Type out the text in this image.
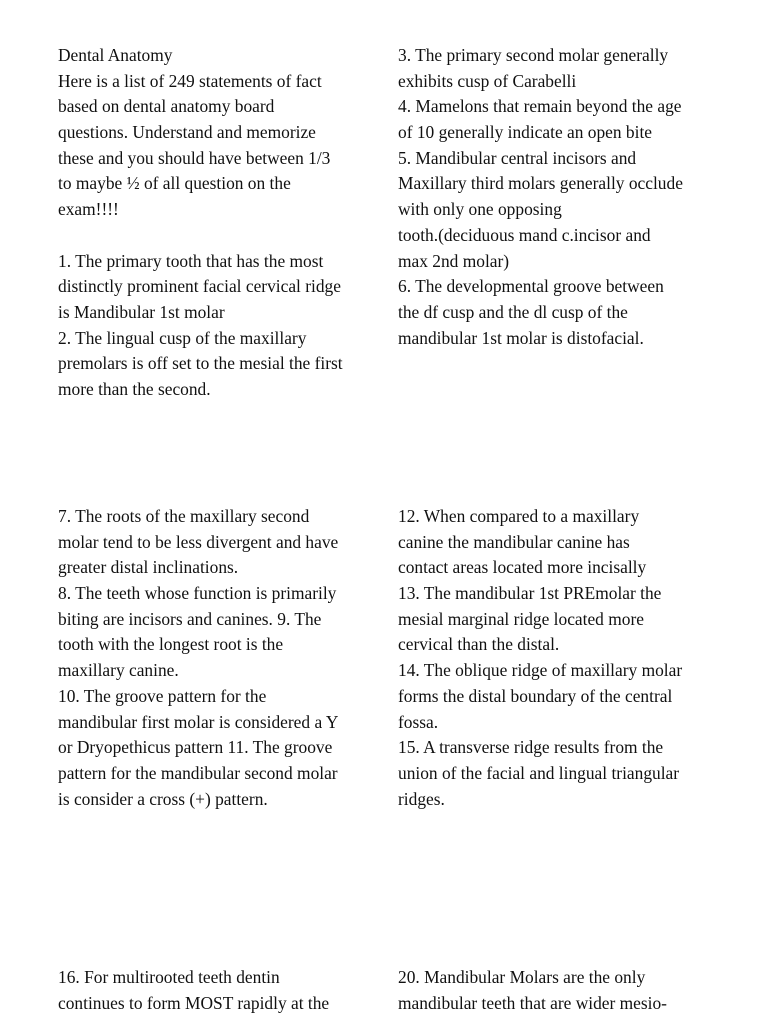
Dental Anatomy
Here is a list of 249 statements of fact
based on dental anatomy board
questions. Understand and memorize
these and you should have between 1/3
to maybe ½ of all question on the
exam!!!!
1. The primary tooth that has the most
distinctly prominent facial cervical ridge
is Mandibular 1st molar
2. The lingual cusp of the maxillary
premolars is off set to the mesial the first
more than the second.
3. The primary second molar generally
exhibits cusp of Carabelli
4. Mamelons that remain beyond the age
of 10 generally indicate an open bite
5. Mandibular central incisors and
Maxillary third molars generally occlude
with only one opposing
tooth.(deciduous mand c.incisor and
max 2nd molar)
6. The developmental groove between
the df cusp and the dl cusp of the
mandibular 1st molar is distofacial.
7. The roots of the maxillary second
molar tend to be less divergent and have
greater distal inclinations.
8. The teeth whose function is primarily
biting are incisors and canines. 9. The
tooth with the longest root is the
maxillary canine.
10. The groove pattern for the
mandibular first molar is considered a Y
or Dryopethicus pattern 11. The groove
pattern for the mandibular second molar
is consider a cross (+) pattern.
12. When compared to a maxillary
canine the mandibular canine has
contact areas located more incisally
13. The mandibular 1st PREmolar the
mesial marginal ridge located more
cervical than the distal.
14. The oblique ridge of maxillary molar
forms the distal boundary of the central
fossa.
15. A transverse ridge results from the
union of the facial and lingual triangular
ridges.
16. For multirooted teeth dentin
continues to form MOST rapidly at the
20. Mandibular Molars are the only
mandibular teeth that are wider mesio-
